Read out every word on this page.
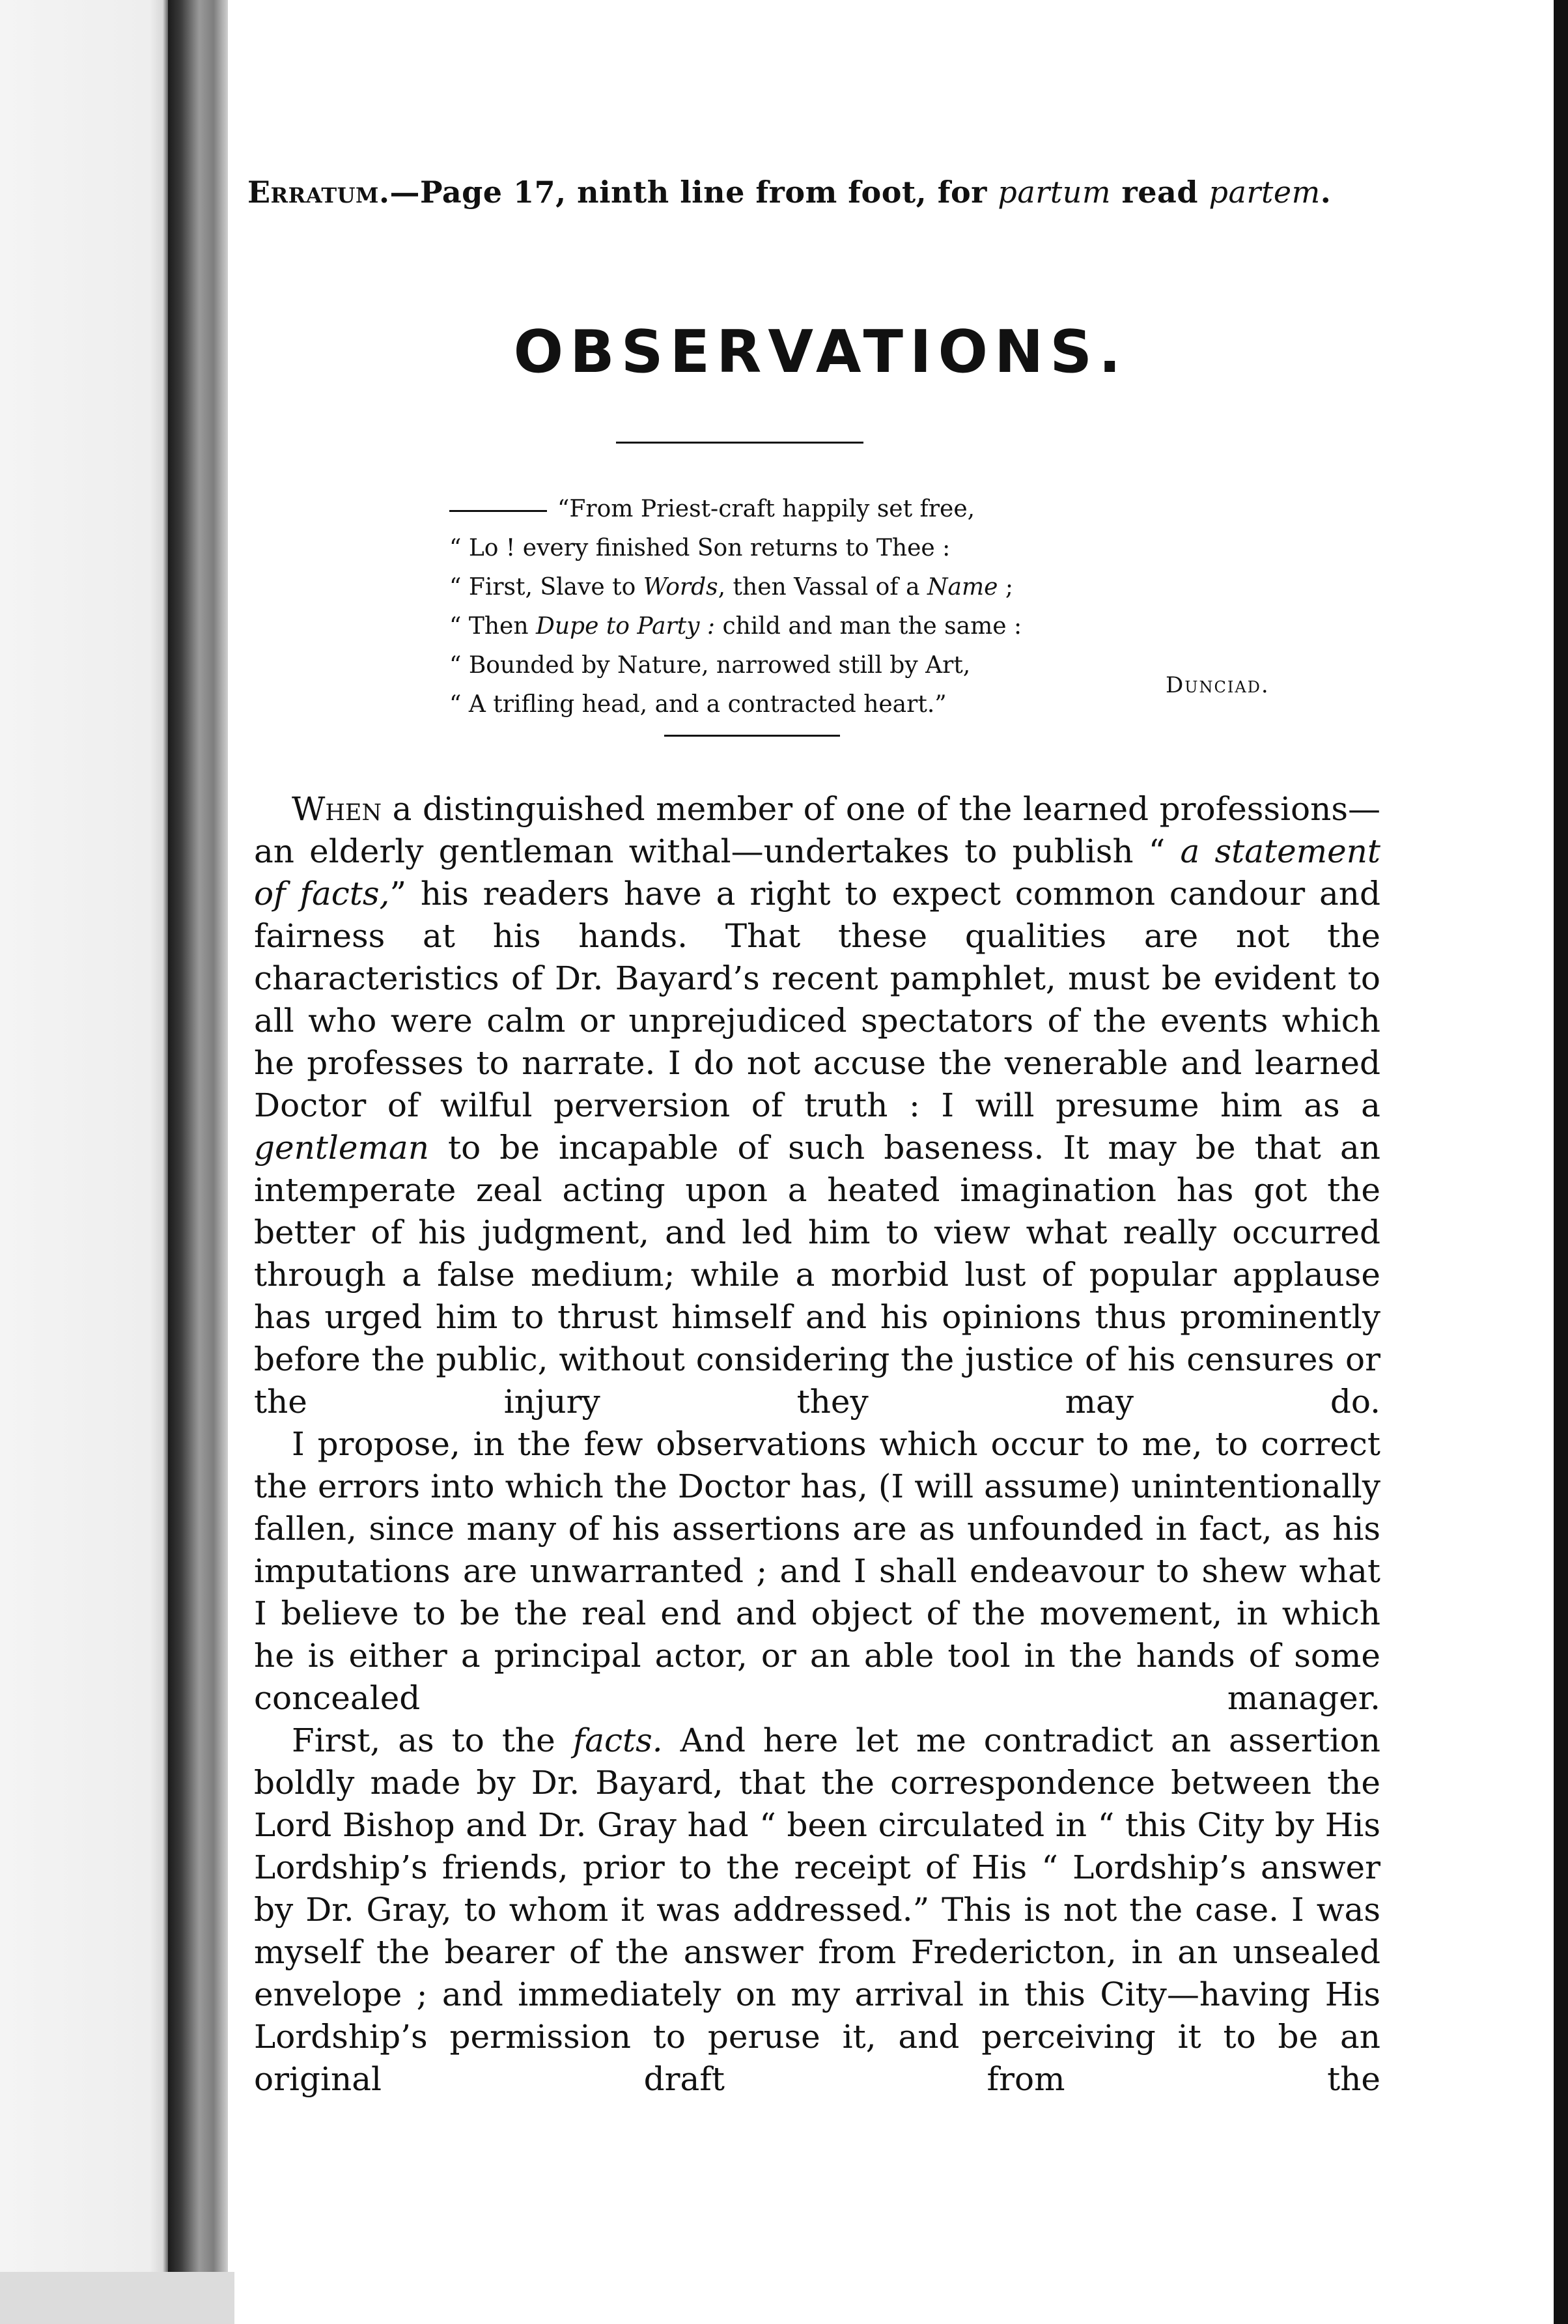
Erratum.—Page 17, ninth line from foot, for partum read partem.
OBSERVATIONS.
“From Priest-craft happily set free,
“ Lo ! every finished Son returns to Thee :
“ First, Slave to Words, then Vassal of a Name ;
“ Then Dupe to Party : child and man the same :
“ Bounded by Nature, narrowed still by Art,
“ A trifling head, and a contracted heart.”
Dunciad.

When a distinguished member of one of the learned professions—an elderly gentleman withal—undertakes to publish “ a statement of facts,” his readers have a right to expect common candour and fairness at his hands. That these qualities are not the characteristics of Dr. Bayard’s recent pamphlet, must be evident to all who were calm or unprejudiced spectators of the events which he professes to narrate. I do not accuse the venerable and learned Doctor of wilful perversion of truth : I will presume him as a gentleman to be incapable of such baseness. It may be that an intemperate zeal acting upon a heated imagination has got the better of his judgment, and led him to view what really occurred through a false medium; while a morbid lust of popular applause has urged him to thrust himself and his opinions thus prominently before the public, without considering the justice of his censures or the injury they may do.

I propose, in the few observations which occur to me, to correct the errors into which the Doctor has, (I will assume) unintentionally fallen, since many of his assertions are as unfounded in fact, as his imputations are unwarranted ; and I shall endeavour to shew what I believe to be the real end and object of the movement, in which he is either a principal actor, or an able tool in the hands of some concealed manager.

First, as to the facts. And here let me contradict an assertion boldly made by Dr. Bayard, that the correspondence between the Lord Bishop and Dr. Gray had “ been circulated in “ this City by His Lordship’s friends, prior to the receipt of His “ Lordship’s answer by Dr. Gray, to whom it was addressed.” This is not the case. I was myself the bearer of the answer from Fredericton, in an unsealed envelope ; and immediately on my arrival in this City—having His Lordship’s permission to peruse it, and perceiving it to be an original draft from the
